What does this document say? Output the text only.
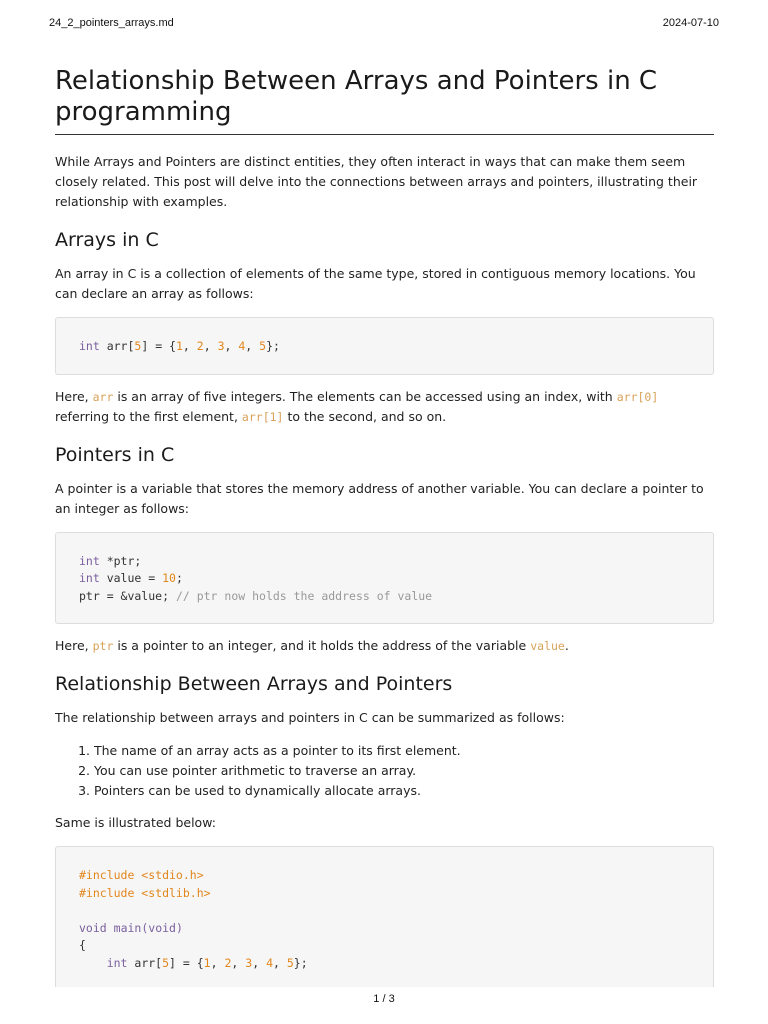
24_2_pointers_arrays.md	2024-07-10
Relationship Between Arrays and Pointers in C programming

While Arrays and Pointers are distinct entities, they often interact in ways that can make them seem closely related. This post will delve into the connections between arrays and pointers, illustrating their relationship with examples.

Arrays in C

An array in C is a collection of elements of the same type, stored in contiguous memory locations. You can declare an array as follows:

int arr[5] = {1, 2, 3, 4, 5};

Here, arr is an array of five integers. The elements can be accessed using an index, with arr[0] referring to the first element, arr[1] to the second, and so on.

Pointers in C

A pointer is a variable that stores the memory address of another variable. You can declare a pointer to an integer as follows:

int *ptr;
int value = 10;
ptr = &value; // ptr now holds the address of value

Here, ptr is a pointer to an integer, and it holds the address of the variable value.

Relationship Between Arrays and Pointers

The relationship between arrays and pointers in C can be summarized as follows:

1. The name of an array acts as a pointer to its first element.
2. You can use pointer arithmetic to traverse an array.
3. Pointers can be used to dynamically allocate arrays.

Same is illustrated below:

#include <stdio.h>
#include <stdlib.h>

void main(void)
{
int arr[5] = {1, 2, 3, 4, 5};
1 / 3
